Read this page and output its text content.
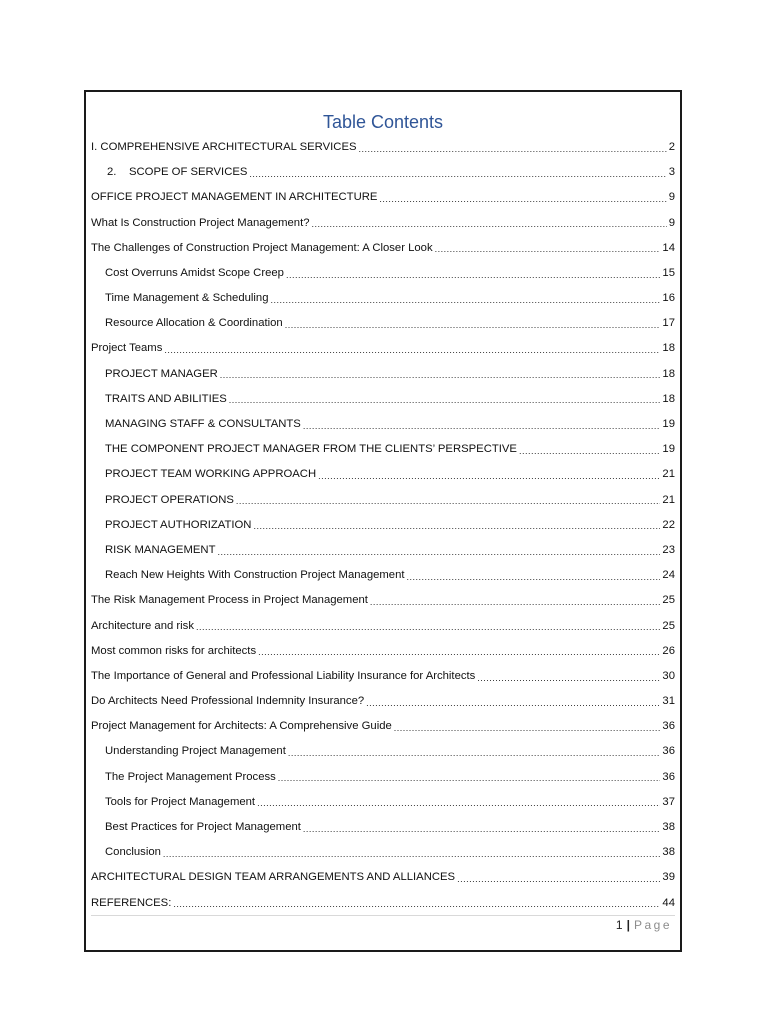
Table Contents
I. COMPREHENSIVE ARCHITECTURAL SERVICES .....	2
2.    SCOPE OF SERVICES .....	3
OFFICE PROJECT MANAGEMENT IN ARCHITECTURE .....	9
What Is Construction Project Management? .....	9
The Challenges of Construction Project Management: A Closer Look .....	14
Cost Overruns Amidst Scope Creep .....	15
Time Management & Scheduling .....	16
Resource Allocation & Coordination .....	17
Project Teams .....	18
PROJECT MANAGER .....	18
TRAITS AND ABILITIES .....	18
MANAGING STAFF & CONSULTANTS .....	19
THE COMPONENT PROJECT MANAGER FROM THE CLIENTS’ PERSPECTIVE .....	19
PROJECT TEAM WORKING APPROACH .....	21
PROJECT OPERATIONS .....	21
PROJECT AUTHORIZATION .....	22
RISK MANAGEMENT .....	23
Reach New Heights With Construction Project Management .....	24
The Risk Management Process in Project Management .....	25
Architecture and risk .....	25
Most common risks for architects .....	26
The Importance of General and Professional Liability Insurance for Architects .....	30
Do Architects Need Professional Indemnity Insurance? .....	31
Project Management for Architects: A Comprehensive Guide .....	36
Understanding Project Management .....	36
The Project Management Process .....	36
Tools for Project Management .....	37
Best Practices for Project Management .....	38
Conclusion .....	38
ARCHITECTURAL DESIGN TEAM ARRANGEMENTS AND ALLIANCES .....	39
REFERENCES: .....	44
1 | Page
